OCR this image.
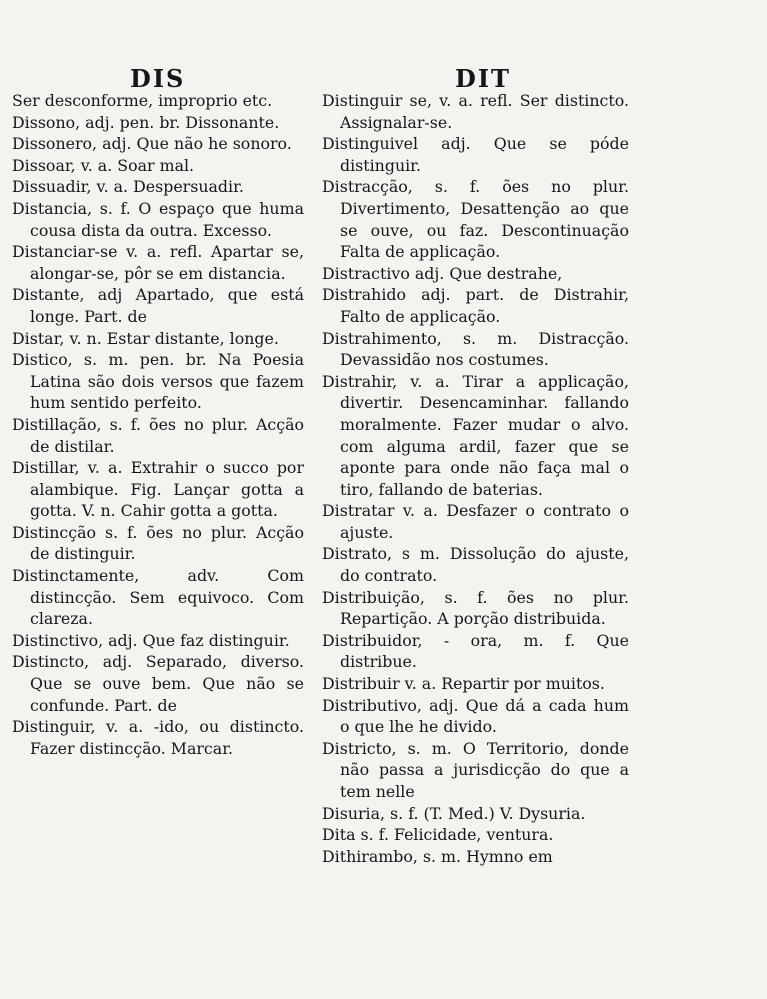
DIS	DIT

Ser desconforme, improprio etc.

Dissono, adj. pen. br. Dissonante.

Dissonero, adj. Que não he sonoro.

Dissoar, v. a. Soar mal.

Dissuadir, v. a. Despersuadir.

Distancia, s. f. O espaço que huma cousa dista da outra. Excesso.

Distanciar-se v. a. refl. Apartar se, alongar-se, pôr se em distancia.

Distante, adj Apartado, que está longe. Part. de

Distar, v. n. Estar distante, longe.

Distico, s. m. pen. br. Na Poesia Latina são dois versos que fazem hum sentido perfeito.

Distillação, s. f. ões no plur. Acção de distilar.

Distillar, v. a. Extrahir o succo por alambique. Fig. Lançar gotta a gotta. V. n. Cahir gotta a gotta.

Distincção s. f. ões no plur. Acção de distinguir.

Distinctamente, adv. Com distincção. Sem equivoco. Com clareza.

Distinctivo, adj. Que faz distinguir.

Distincto, adj. Separado, diverso. Que se ouve bem. Que não se confunde. Part. de

Distinguir, v. a. -ido, ou distincto. Fazer distincção. Marcar.

Distinguir se, v. a. refl. Ser distincto. Assignalar-se.

Distinguivel adj. Que se póde distinguir.

Distracção, s. f. ões no plur. Divertimento, Desattenção ao que se ouve, ou faz. Descontinuação Falta de applicação.

Distractivo adj. Que destrahe,

Distrahido adj. part. de Distrahir, Falto de applicação.

Distrahimento, s. m. Distracção. Devassidão nos costumes.

Distrahir, v. a. Tirar a applicação, divertir. Desencaminhar. fallando moralmente. Fazer mudar o alvo. com alguma ardil, fazer que se aponte para onde não faça mal o tiro, fallando de baterias.

Distratar v. a. Desfazer o contrato o ajuste.

Distrato, s m. Dissolução do ajuste, do contrato.

Distribuição, s. f. ões no plur. Repartição. A porção distribuida.

Distribuidor, - ora, m. f. Que distribue.

Distribuir v. a. Repartir por muitos.

Distributivo, adj. Que dá a cada hum o que lhe he divido.

Districto, s. m. O Territorio, donde não passa a jurisdicção do que a tem nelle

Disuria, s. f. (T. Med.) V. Dysuria.

Dita s. f. Felicidade, ventura.

Dithirambo, s. m. Hymno em
